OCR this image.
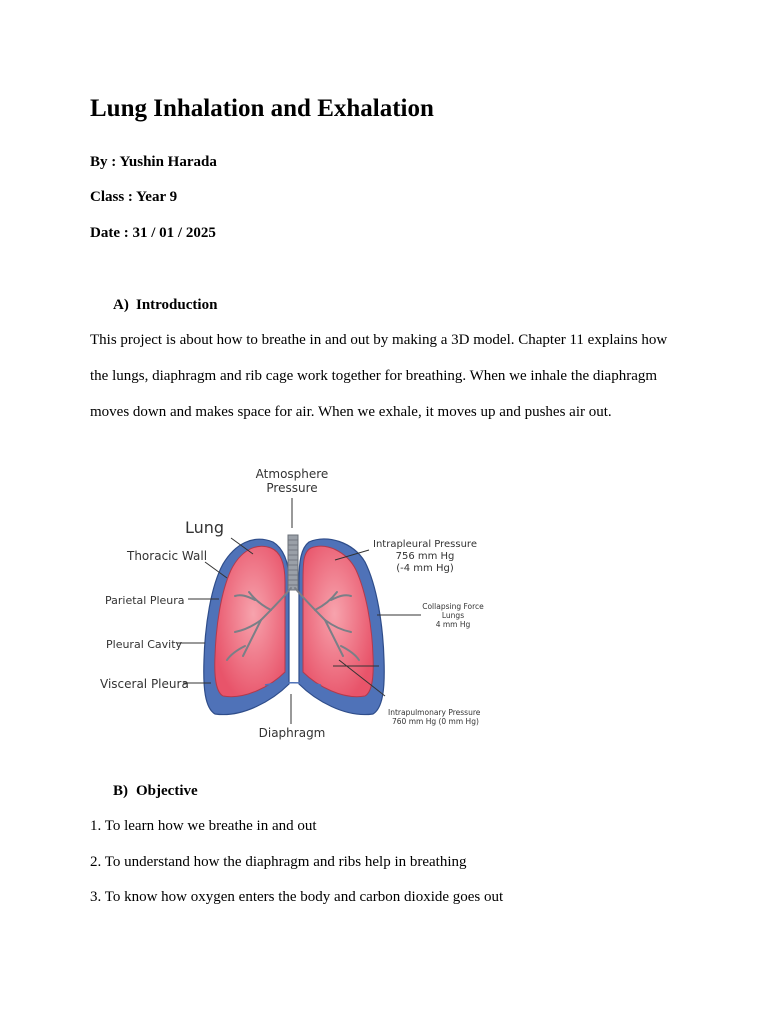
Lung Inhalation and Exhalation

By : Yushin Harada

Class : Year 9

Date : 31 / 01 / 2025

A) Introduction
This project is about how to breathe in and out by making a 3D model. Chapter 11 explains how
the lungs, diaphragm and rib cage work together for breathing. When we inhale the diaphragm
moves down and makes space for air. When we exhale, it moves up and pushes air out.
Atmosphere
Pressure
Lung
Thoracic Wall
Parietal Pleura
Pleural Cavity
Visceral Pleura
Diaphragm
Intrapleural Pressure
756 mm Hg
(-4 mm Hg)
Collapsing Force
Lungs
4 mm Hg
Intrapulmonary Pressure
760 mm Hg (0 mm Hg)
B) Objective

1. To learn how we breathe in and out

2. To understand how the diaphragm and ribs help in breathing

3. To know how oxygen enters the body and carbon dioxide goes out
